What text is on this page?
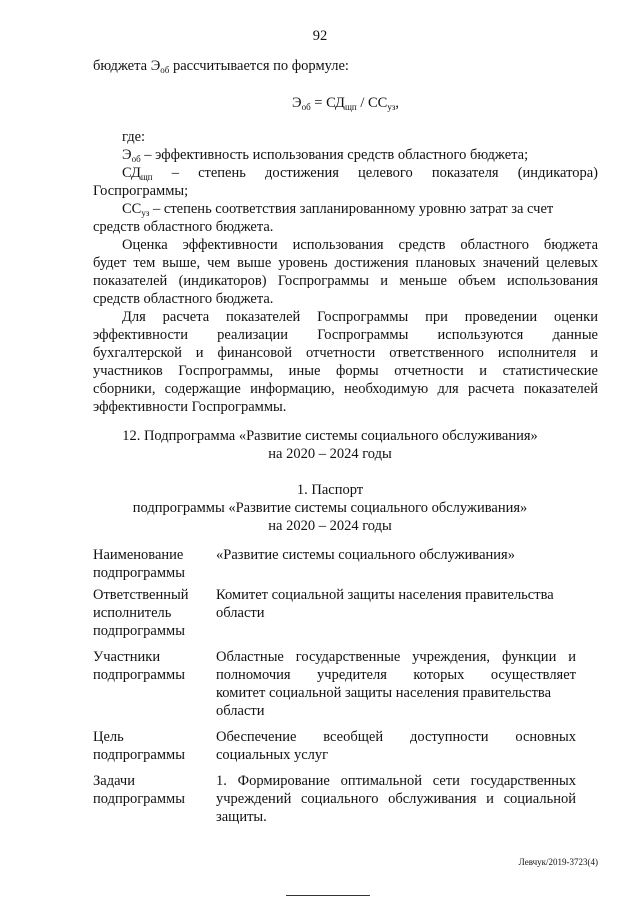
92
бюджета $Э_{об}$ рассчитывается по формуле:
$Э_{об} = СД_{щп} / СС_{уз}$,
где:
$Э_{об}$ – эффективность использования средств областного бюджета;
$СД_{щп}$ – степень достижения целевого показателя (индикатора)
Госпрограммы;
$СС_{уз}$ – степень соответствия запланированному уровню затрат за счет
средств областного бюджета.
Оценка эффективности использования средств областного бюджета
будет тем выше, чем выше уровень достижения плановых значений целевых
показателей (индикаторов) Госпрограммы и меньше объем использования
средств областного бюджета.
Для расчета показателей Госпрограммы при проведении оценки
эффективности реализации Госпрограммы используются данные
бухгалтерской и финансовой отчетности ответственного исполнителя и
участников Госпрограммы, иные формы отчетности и статистические
сборники, содержащие информацию, необходимую для расчета показателей
эффективности Госпрограммы.
12. Подпрограмма «Развитие системы социального обслуживания»
на 2020 – 2024 годы
1. Паспорт
подпрограммы «Развитие системы социального обслуживания»
на 2020 – 2024 годы
Наименование
подпрограммы
«Развитие системы социального обслуживания»
Ответственный
исполнитель
подпрограммы
Комитет социальной защиты населения правительства
области
Участники
подпрограммы
Областные государственные учреждения, функции и
полномочия учредителя которых осуществляет
комитет социальной защиты населения правительства
области
Цель
подпрограммы
Обеспечение всеобщей доступности основных
социальных услуг
Задачи
подпрограммы
1. Формирование оптимальной сети государственных
учреждений социального обслуживания и социальной
защиты.
Левчук/2019-3723(4)
